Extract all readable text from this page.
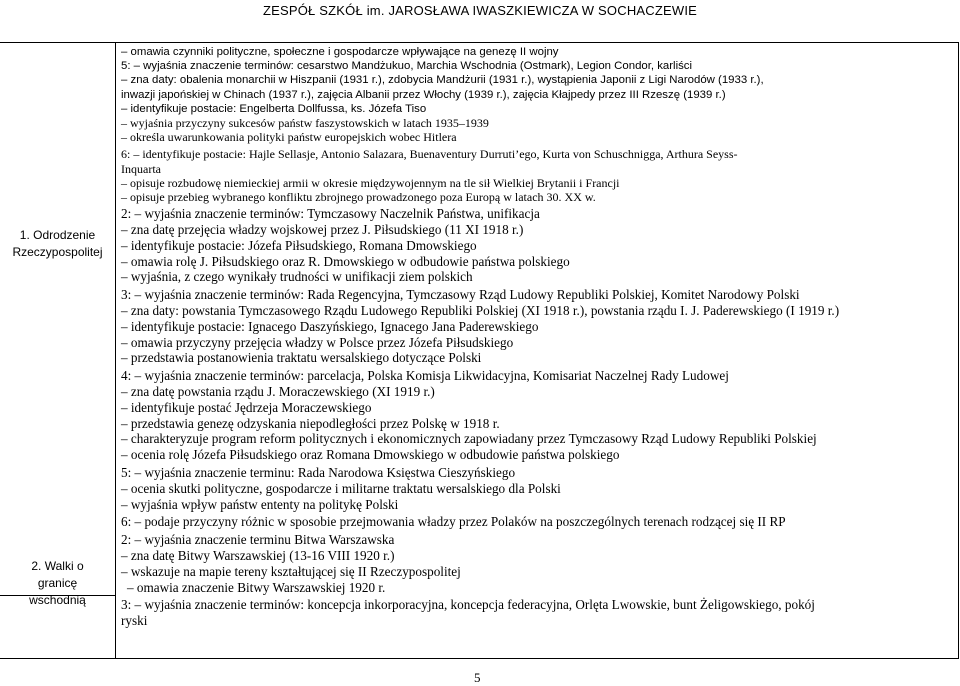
ZESPÓŁ SZKÓŁ im. JAROSŁAWA IWASZKIEWICZA W SOCHACZEWIE
1. Odrodzenie Rzeczypospolitej
2. Walki o granicę wschodnią
– omawia czynniki polityczne, społeczne i gospodarcze wpływające na genezę II wojny
5: – wyjaśnia znaczenie terminów: cesarstwo Mandżukuo, Marchia Wschodnia (Ostmark), Legion Condor, karliści
– zna daty: obalenia monarchii w Hiszpanii (1931 r.), zdobycia Mandżurii (1931 r.), wystąpienia Japonii z Ligi Narodów (1933 r.),
inwazji japońskiej w Chinach (1937 r.), zajęcia Albanii przez Włochy (1939 r.), zajęcia Kłajpedy przez III Rzeszę (1939 r.)
– identyfikuje postacie: Engelberta Dollfussa, ks. Józefa Tiso
– wyjaśnia przyczyny sukcesów państw faszystowskich w latach 1935–1939
– określa uwarunkowania polityki państw europejskich wobec Hitlera
6: – identyfikuje postacie: Hajle Sellasje, Antonio Salazara, Buenaventury Durruti’ego, Kurta von Schuschnigga, Arthura Seyss-
Inquarta
– opisuje rozbudowę niemieckiej armii w okresie międzywojennym na tle sił Wielkiej Brytanii i Francji
– opisuje przebieg wybranego konfliktu zbrojnego prowadzonego poza Europą w latach 30. XX w.
2: – wyjaśnia znaczenie terminów: Tymczasowy Naczelnik Państwa, unifikacja
– zna datę przejęcia władzy wojskowej przez J. Piłsudskiego (11 XI 1918 r.)
– identyfikuje postacie: Józefa Piłsudskiego, Romana Dmowskiego
– omawia rolę J. Piłsudskiego oraz R. Dmowskiego w odbudowie państwa polskiego
– wyjaśnia, z czego wynikały trudności w unifikacji ziem polskich
3: – wyjaśnia znaczenie terminów: Rada Regencyjna, Tymczasowy Rząd Ludowy Republiki Polskiej, Komitet Narodowy Polski
– zna daty: powstania Tymczasowego Rządu Ludowego Republiki Polskiej (XI 1918 r.), powstania rządu I. J. Paderewskiego (I 1919 r.)
– identyfikuje postacie: Ignacego Daszyńskiego, Ignacego Jana Paderewskiego
– omawia przyczyny przejęcia władzy w Polsce przez Józefa Piłsudskiego
– przedstawia postanowienia traktatu wersalskiego dotyczące Polski
4: – wyjaśnia znaczenie terminów: parcelacja, Polska Komisja Likwidacyjna, Komisariat Naczelnej Rady Ludowej
– zna datę powstania rządu J. Moraczewskiego (XI 1919 r.)
– identyfikuje postać Jędrzeja Moraczewskiego
– przedstawia genezę odzyskania niepodległości przez Polskę w 1918 r.
– charakteryzuje program reform politycznych i ekonomicznych zapowiadany przez Tymczasowy Rząd Ludowy Republiki Polskiej
– ocenia rolę Józefa Piłsudskiego oraz Romana Dmowskiego w odbudowie państwa polskiego
5: – wyjaśnia znaczenie terminu: Rada Narodowa Księstwa Cieszyńskiego
– ocenia skutki polityczne, gospodarcze i militarne traktatu wersalskiego dla Polski
– wyjaśnia wpływ państw ententy na politykę Polski
6: – podaje przyczyny różnic w sposobie przejmowania władzy przez Polaków na poszczególnych terenach rodzącej się II RP
2: – wyjaśnia znaczenie terminu Bitwa Warszawska
– zna datę Bitwy Warszawskiej (13-16 VIII 1920 r.)
– wskazuje na mapie tereny kształtującej się II Rzeczypospolitej
– omawia znaczenie Bitwy Warszawskiej 1920 r.
3: – wyjaśnia znaczenie terminów: koncepcja inkorporacyjna, koncepcja federacyjna, Orlęta Lwowskie, bunt Żeligowskiego, pokój
ryski
5
